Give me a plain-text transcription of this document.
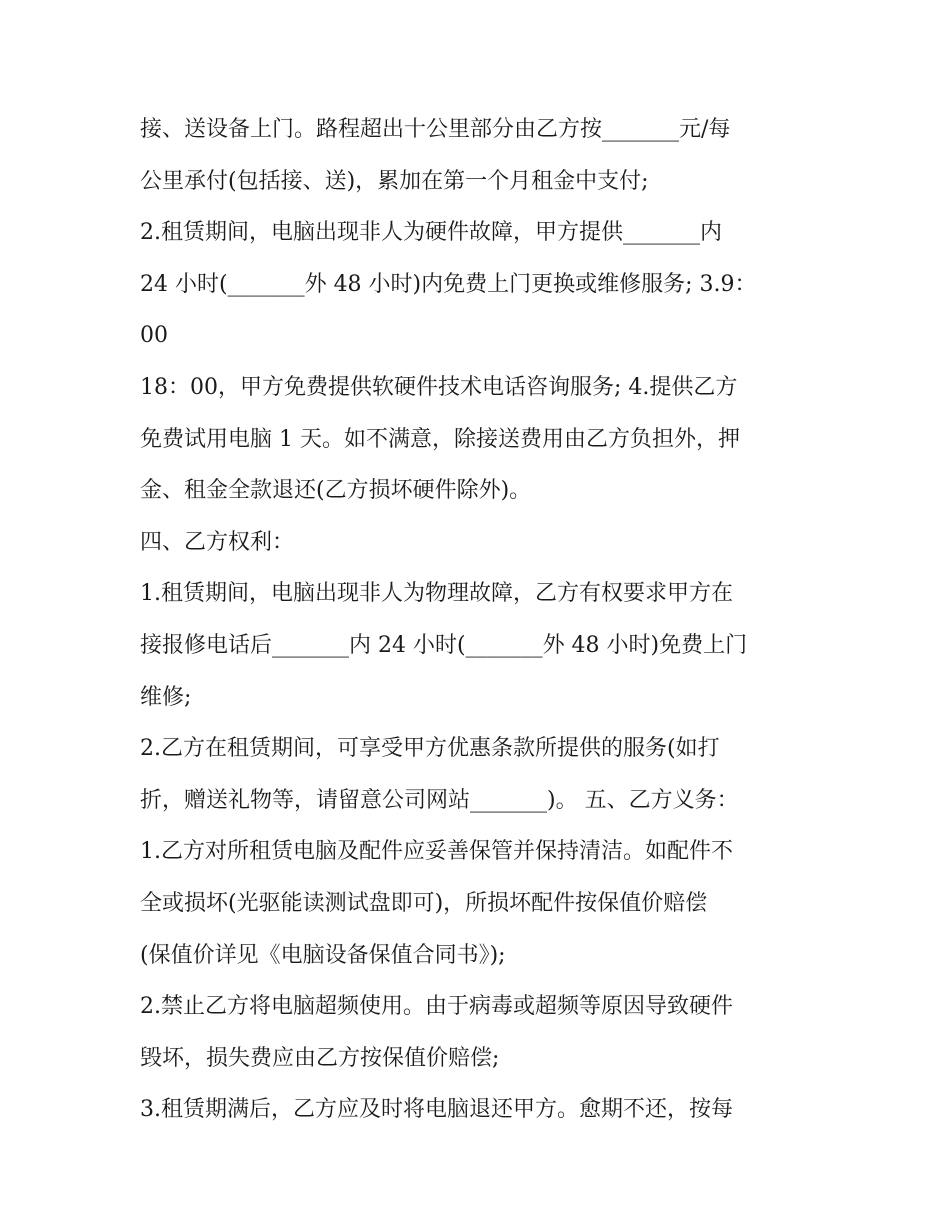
接、送设备上门。路程超出十公里部分由乙方按_______元/每
公里承付(包括接、送)，累加在第一个月租金中支付;
2.租赁期间，电脑出现非人为硬件故障，甲方提供_______内
24 小时(_______外 48 小时)内免费上门更换或维修服务; 3.9：
00
18：00，甲方免费提供软硬件技术电话咨询服务; 4.提供乙方
免费试用电脑 1 天。如不满意，除接送费用由乙方负担外，押
金、租金全款退还(乙方损坏硬件除外)。
四、乙方权利：
1.租赁期间，电脑出现非人为物理故障，乙方有权要求甲方在
接报修电话后_______内 24 小时(_______外 48 小时)免费上门
维修;
2.乙方在租赁期间，可享受甲方优惠条款所提供的服务(如打
折，赠送礼物等，请留意公司网站_______)。 五、乙方义务：
1.乙方对所租赁电脑及配件应妥善保管并保持清洁。如配件不
全或损坏(光驱能读测试盘即可)，所损坏配件按保值价赔偿
(保值价详见《电脑设备保值合同书》);
2.禁止乙方将电脑超频使用。由于病毒或超频等原因导致硬件
毁坏，损失费应由乙方按保值价赔偿;
3.租赁期满后，乙方应及时将电脑退还甲方。愈期不还，按每
